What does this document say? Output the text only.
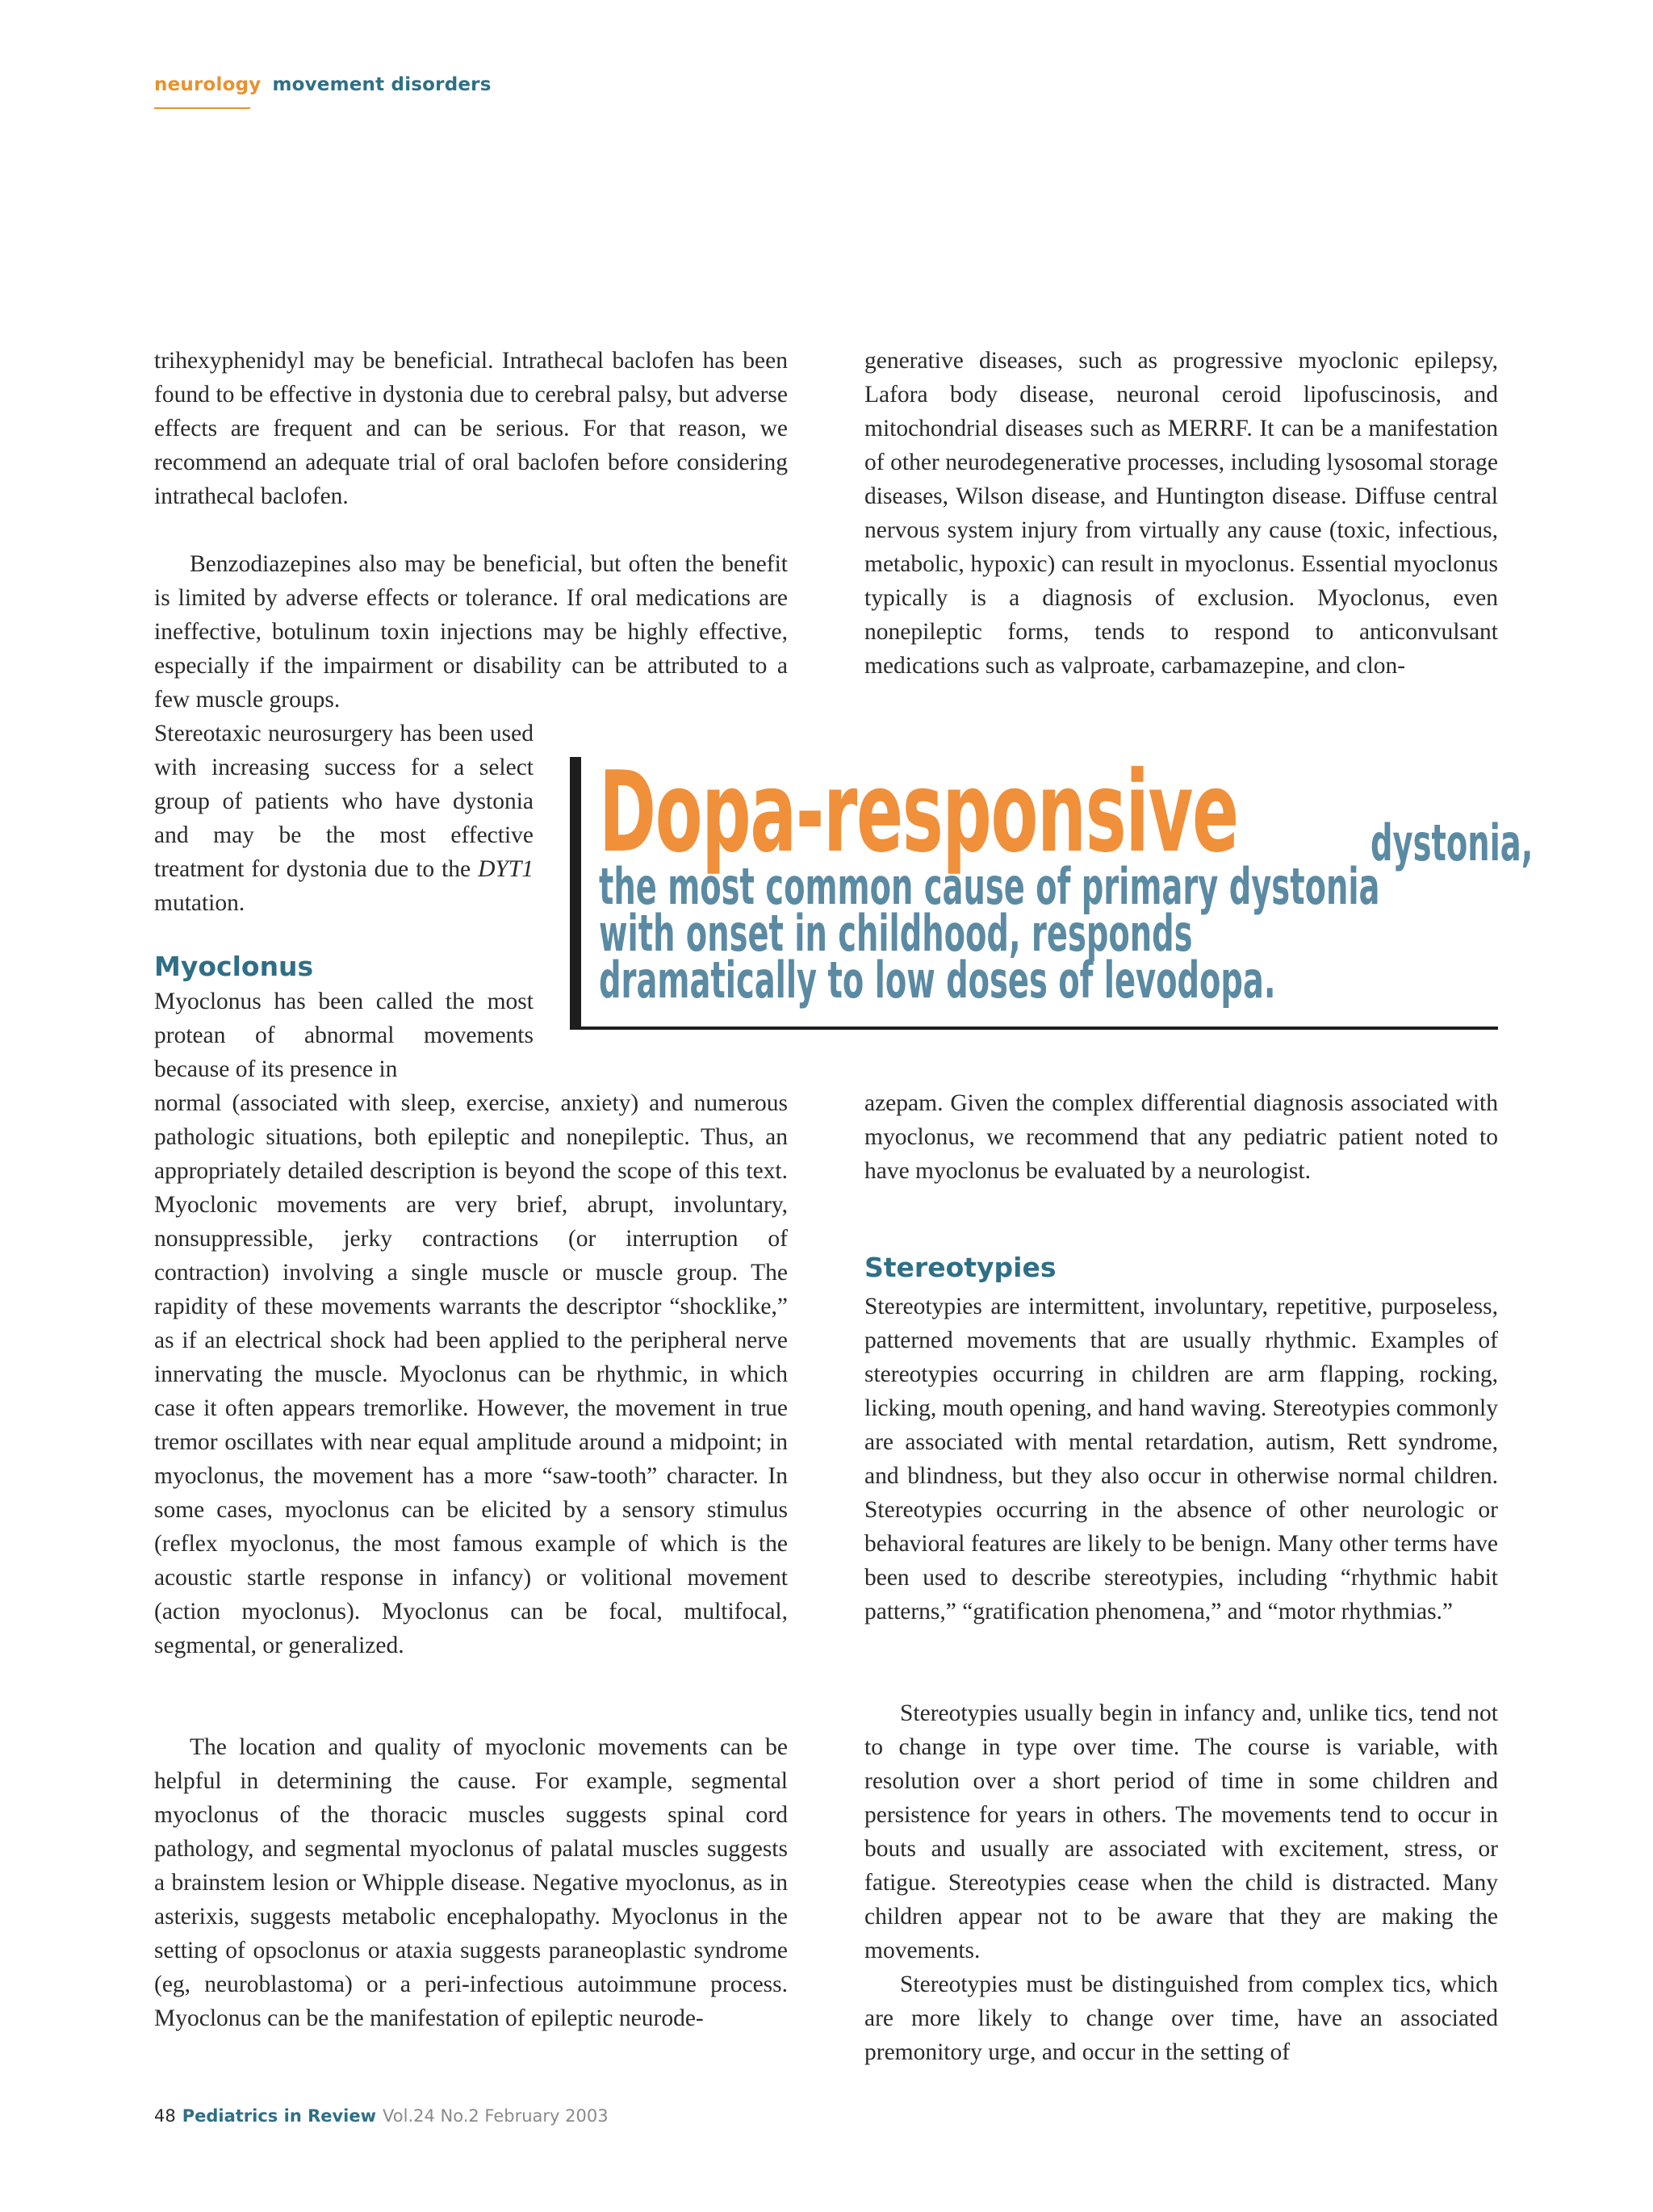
neurology movement disorders

trihexyphenidyl may be beneficial. Intrathecal baclofen has been found to be effective in dystonia due to cerebral palsy, but adverse effects are frequent and can be serious. For that reason, we recommend an adequate trial of oral baclofen before considering intrathecal baclofen.

Benzodiazepines also may be beneficial, but often the benefit is limited by adverse effects or tolerance. If oral medications are ineffective, botulinum toxin injections may be highly effective, especially if the impairment or disability can be attributed to a few muscle groups.

Stereotaxic neurosurgery has been used with increasing success for a select group of patients who have dystonia and may be the most effective treatment for dystonia due to the DYT1 mutation.

Myoclonus

Myoclonus has been called the most protean of abnormal movements because of its presence in

normal (associated with sleep, exercise, anxiety) and numerous pathologic situations, both epileptic and nonepileptic. Thus, an appropriately detailed description is beyond the scope of this text. Myoclonic movements are very brief, abrupt, involuntary, nonsuppressible, jerky contractions (or interruption of contraction) involving a single muscle or muscle group. The rapidity of these movements warrants the descriptor “shocklike,” as if an electrical shock had been applied to the peripheral nerve innervating the muscle. Myoclonus can be rhythmic, in which case it often appears tremorlike. However, the movement in true tremor oscillates with near equal amplitude around a midpoint; in myoclonus, the movement has a more “saw-tooth” character. In some cases, myoclonus can be elicited by a sensory stimulus (reflex myoclonus, the most famous example of which is the acoustic startle response in infancy) or volitional movement (action myoclonus). Myoclonus can be focal, multifocal, segmental, or generalized.

The location and quality of myoclonic movements can be helpful in determining the cause. For example, segmental myoclonus of the thoracic muscles suggests spinal cord pathology, and segmental myoclonus of palatal muscles suggests a brainstem lesion or Whipple disease. Negative myoclonus, as in asterixis, suggests metabolic encephalopathy. Myoclonus in the setting of opsoclonus or ataxia suggests paraneoplastic syndrome (eg, neuroblastoma) or a peri-infectious autoimmune process. Myoclonus can be the manifestation of epileptic neurode-

generative diseases, such as progressive myoclonic epilepsy, Lafora body disease, neuronal ceroid lipofuscinosis, and mitochondrial diseases such as MERRF. It can be a manifestation of other neurodegenerative processes, including lysosomal storage diseases, Wilson disease, and Huntington disease. Diffuse central nervous system injury from virtually any cause (toxic, infectious, metabolic, hypoxic) can result in myoclonus. Essential myoclonus typically is a diagnosis of exclusion. Myoclonus, even nonepileptic forms, tends to respond to anticonvulsant medications such as valproate, carbamazepine, and clon-

azepam. Given the complex differential diagnosis associated with myoclonus, we recommend that any pediatric patient noted to have myoclonus be evaluated by a neurologist.

Stereotypies

Stereotypies are intermittent, involuntary, repetitive, purposeless, patterned movements that are usually rhythmic. Examples of stereotypies occurring in children are arm flapping, rocking, licking, mouth opening, and hand waving. Stereotypies commonly are associated with mental retardation, autism, Rett syndrome, and blindness, but they also occur in otherwise normal children. Stereotypies occurring in the absence of other neurologic or behavioral features are likely to be benign. Many other terms have been used to describe stereotypies, including “rhythmic habit patterns,” “gratification phenomena,” and “motor rhythmias.”

Stereotypies usually begin in infancy and, unlike tics, tend not to change in type over time. The course is variable, with resolution over a short period of time in some children and persistence for years in others. The movements tend to occur in bouts and usually are associated with excitement, stress, or fatigue. Stereotypies cease when the child is distracted. Many children appear not to be aware that they are making the movements.

Stereotypies must be distinguished from complex tics, which are more likely to change over time, have an associated premonitory urge, and occur in the setting of

Dopa-responsive	dystonia,
the most common cause of primary dystonia
with onset in childhood, responds
dramatically to low doses of levodopa.
48 Pediatrics in Review Vol.24 No.2 February 2003
